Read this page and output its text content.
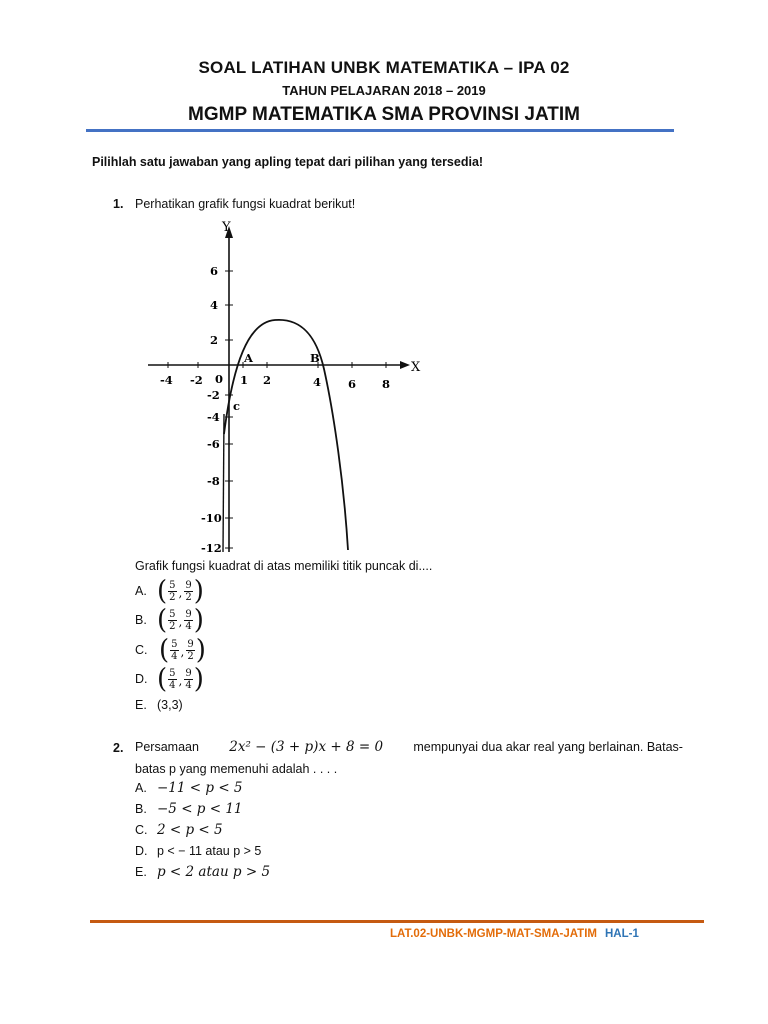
SOAL LATIHAN UNBK MATEMATIKA – IPA 02
TAHUN PELAJARAN 2018 – 2019
MGMP MATEMATIKA SMA PROVINSI JATIM
Pilihlah satu jawaban yang apling tepat dari pilihan yang tersedia!
1. Perhatikan grafik fungsi kuadrat berikut!
Y
X
-4 -2 0 1 2	4 6 8
6
4
2
-2
-4
-6
-8
-10
-12
A	B
c
Grafik fungsi kuadrat di atas memiliki titik puncak di....
A. ( $\frac{5}{2}$ , $\frac{9}{2}$ )
B. ( $\frac{5}{2}$ , $\frac{9}{4}$ )
C. ( $\frac{5}{4}$ , $\frac{9}{2}$ )
D. ( $\frac{5}{4}$ , $\frac{9}{4}$ )
E. (3,3)
2. Persamaan 2x² − (3 + p)x + 8 = 0 mempunyai dua akar real yang berlainan. Batas-
batas p yang memenuhi adalah . . . .
A. −11 < p < 5
B. −5 < p < 11
C. 2 < p < 5
D. p < − 11 atau p > 5
E. p < 2 atau p > 5
LAT.02-UNBK-MGMP-MAT-SMA-JATIM HAL-1
